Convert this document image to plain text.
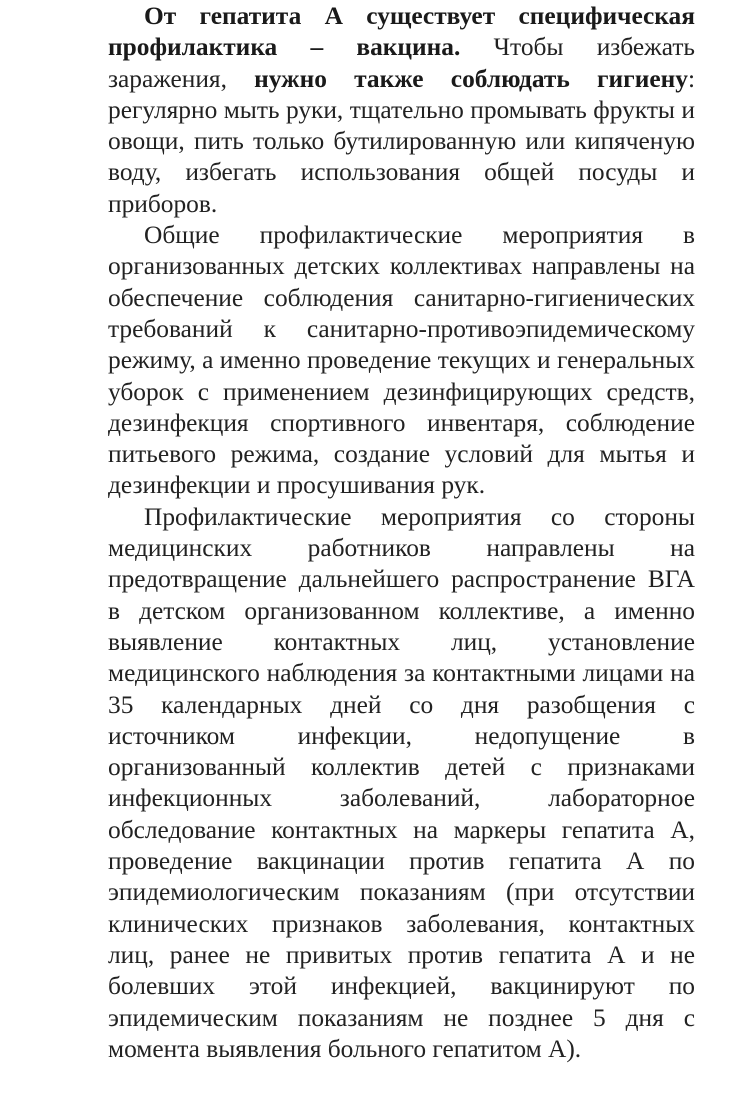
От гепатита А существует специфическая профилактика – вакцина. Чтобы избежать заражения, нужно также соблюдать гигиену: регулярно мыть руки, тщательно промывать фрукты и овощи, пить только бутилированную или кипяченую воду, избегать использования общей посуды и приборов.

Общие профилактические мероприятия в организованных детских коллективах направлены на обеспечение соблюдения санитарно-гигиенических требований к санитарно-противоэпидемическому режиму, а именно проведение текущих и генеральных уборок с применением дезинфицирующих средств, дезинфекция спортивного инвентаря, соблюдение питьевого режима, создание условий для мытья и дезинфекции и просушивания рук.

Профилактические мероприятия со стороны медицинских работников направлены на предотвращение дальнейшего распространение ВГА в детском организованном коллективе, а именно выявление контактных лиц, установление медицинского наблюдения за контактными лицами на 35 календарных дней со дня разобщения с источником инфекции, недопущение в организованный коллектив детей с признаками инфекционных заболеваний, лабораторное обследование контактных на маркеры гепатита А, проведение вакцинации против гепатита А по эпидемиологическим показаниям (при отсутствии клинических признаков заболевания, контактных лиц, ранее не привитых против гепатита А и не болевших этой инфекцией, вакцинируют по эпидемическим показаниям не позднее 5 дня с момента выявления больного гепатитом А).
